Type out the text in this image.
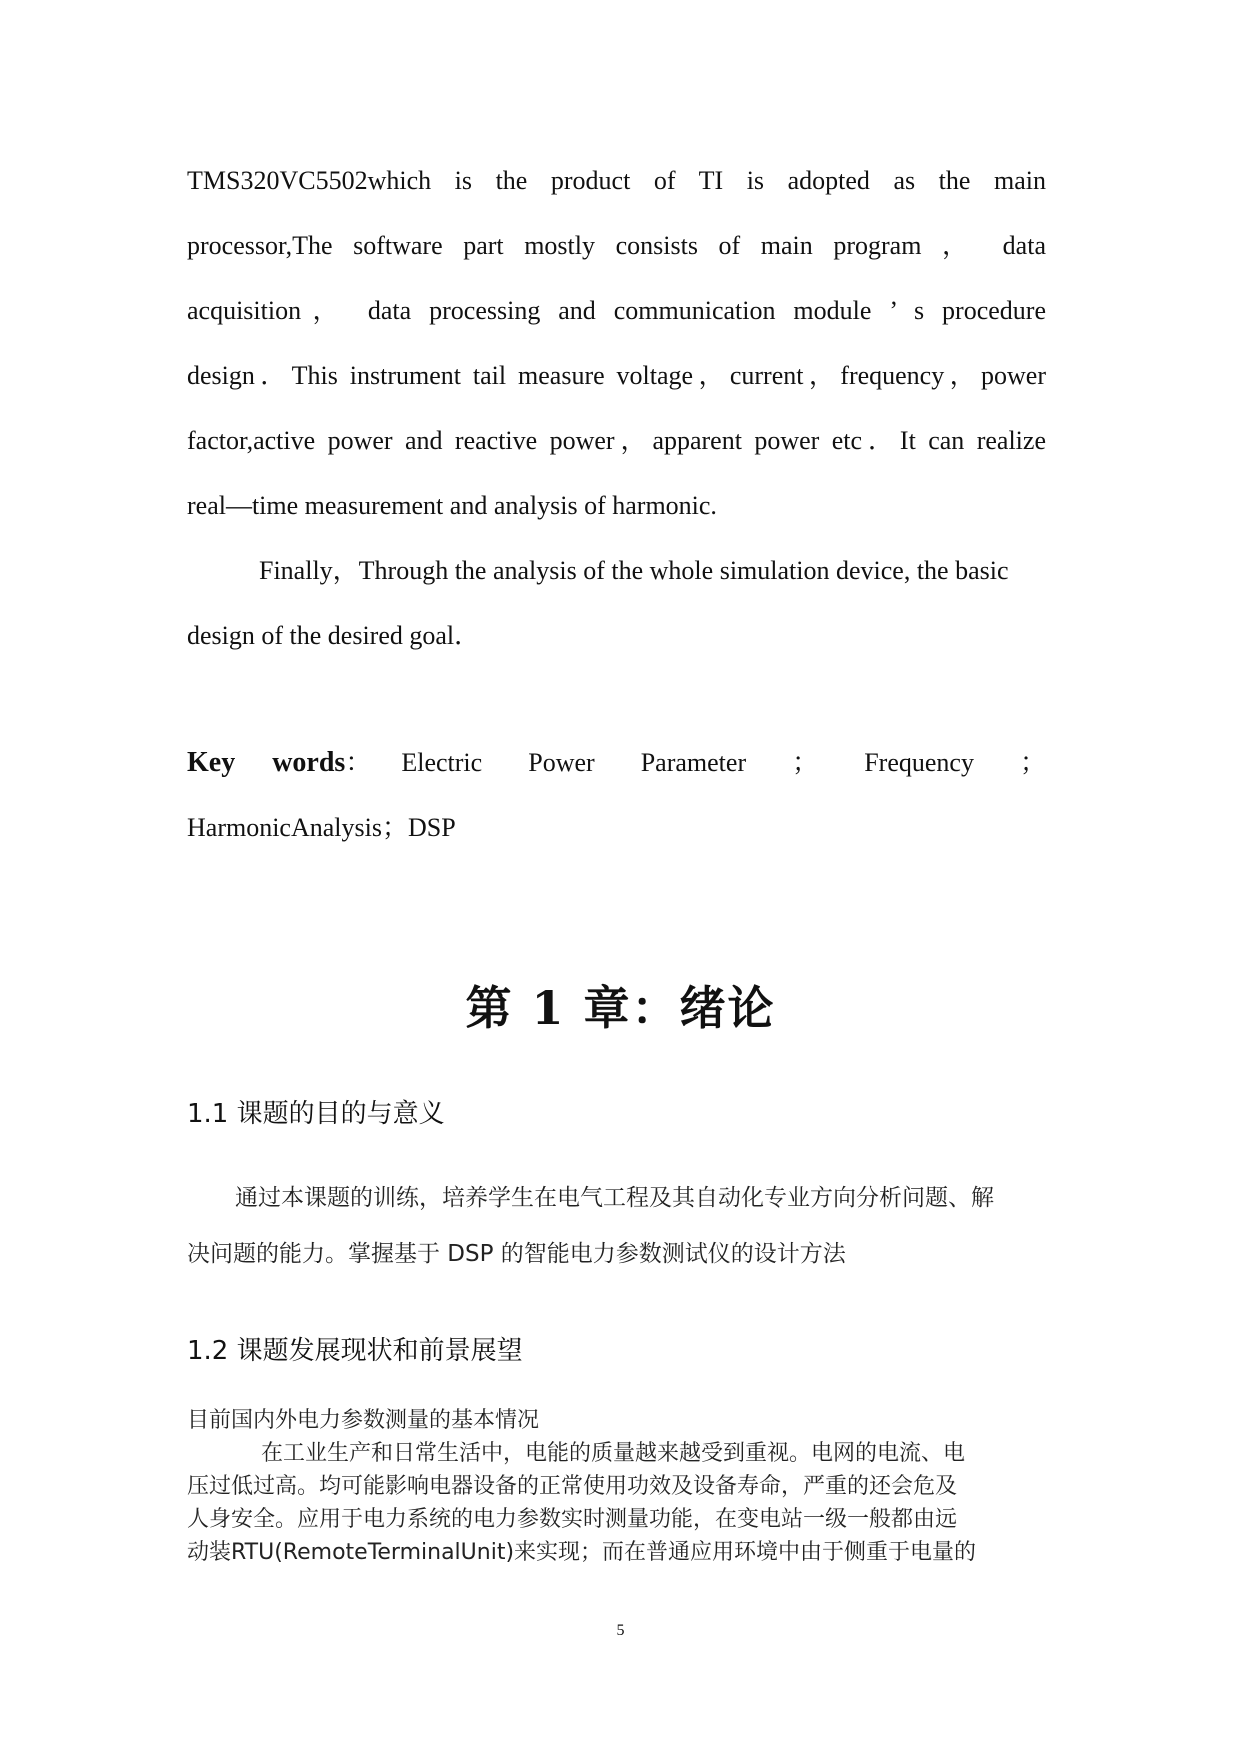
TMS320VC5502which is the product of TI is adopted as the main
processor,The software part mostly consists of main program ， data
acquisition， data processing and communication module ’ s procedure
design．This instrument tail measure voltage，current，frequency，power
factor,active power and reactive power，apparent power etc．It can realize
real—time measurement and analysis of harmonic.
Finally，Through the analysis of the whole simulation device, the basic
design of the desired goal．
Key words ： Electric Power Parameter ； Frequency ；
HarmonicAnalysis；DSP
第 1 章：绪论
1.1 课题的目的与意义
通过本课题的训练，培养学生在电气工程及其自动化专业方向分析问题、解
决问题的能力。掌握基于 DSP 的智能电力参数测试仪的设计方法
1.2 课题发展现状和前景展望
目前国内外电力参数测量的基本情况
在工业生产和日常生活中，电能的质量越来越受到重视。电网的电流、电
压过低过高。均可能影响电器设备的正常使用功效及设备寿命，严重的还会危及
人身安全。应用于电力系统的电力参数实时测量功能，在变电站一级一般都由远
动装RTU(RemoteTerminalUnit)来实现；而在普通应用环境中由于侧重于电量的
5
